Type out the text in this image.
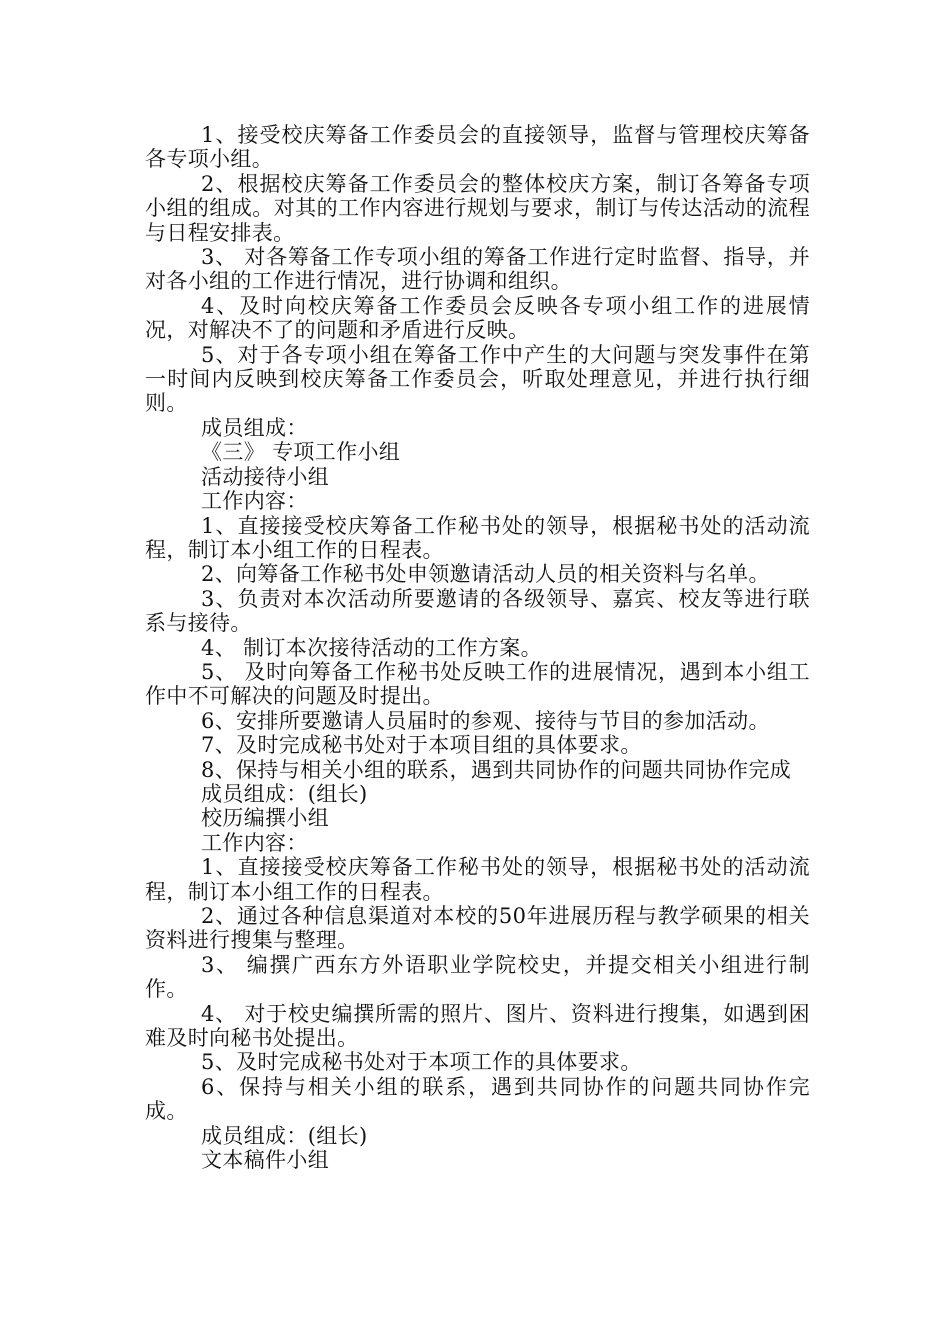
1、接受校庆筹备工作委员会的直接领导，监督与管理校庆筹备各专项小组。

2、根据校庆筹备工作委员会的整体校庆方案，制订各筹备专项小组的组成。对其的工作内容进行规划与要求，制订与传达活动的流程与日程安排表。

3、 对各筹备工作专项小组的筹备工作进行定时监督、指导，并对各小组的工作进行情况，进行协调和组织。

4、及时向校庆筹备工作委员会反映各专项小组工作的进展情况，对解决不了的问题和矛盾进行反映。

5、对于各专项小组在筹备工作中产生的大问题与突发事件在第一时间内反映到校庆筹备工作委员会，听取处理意见，并进行执行细则。

成员组成：

《三》 专项工作小组

活动接待小组

工作内容：

1、直接接受校庆筹备工作秘书处的领导，根据秘书处的活动流程，制订本小组工作的日程表。

2、向筹备工作秘书处申领邀请活动人员的相关资料与名单。

3、负责对本次活动所要邀请的各级领导、嘉宾、校友等进行联系与接待。

4、 制订本次接待活动的工作方案。

5、 及时向筹备工作秘书处反映工作的进展情况，遇到本小组工作中不可解决的问题及时提出。

6、安排所要邀请人员届时的参观、接待与节目的参加活动。

7、及时完成秘书处对于本项目组的具体要求。

8、保持与相关小组的联系，遇到共同协作的问题共同协作完成

成员组成：(组长)

校历编撰小组

工作内容：

1、直接接受校庆筹备工作秘书处的领导，根据秘书处的活动流程，制订本小组工作的日程表。

2、通过各种信息渠道对本校的50年进展历程与教学硕果的相关资料进行搜集与整理。

3、 编撰广西东方外语职业学院校史，并提交相关小组进行制作。

4、 对于校史编撰所需的照片、图片、资料进行搜集，如遇到困难及时向秘书处提出。

5、及时完成秘书处对于本项工作的具体要求。

6、保持与相关小组的联系，遇到共同协作的问题共同协作完成。

成员组成：(组长)

文本稿件小组
